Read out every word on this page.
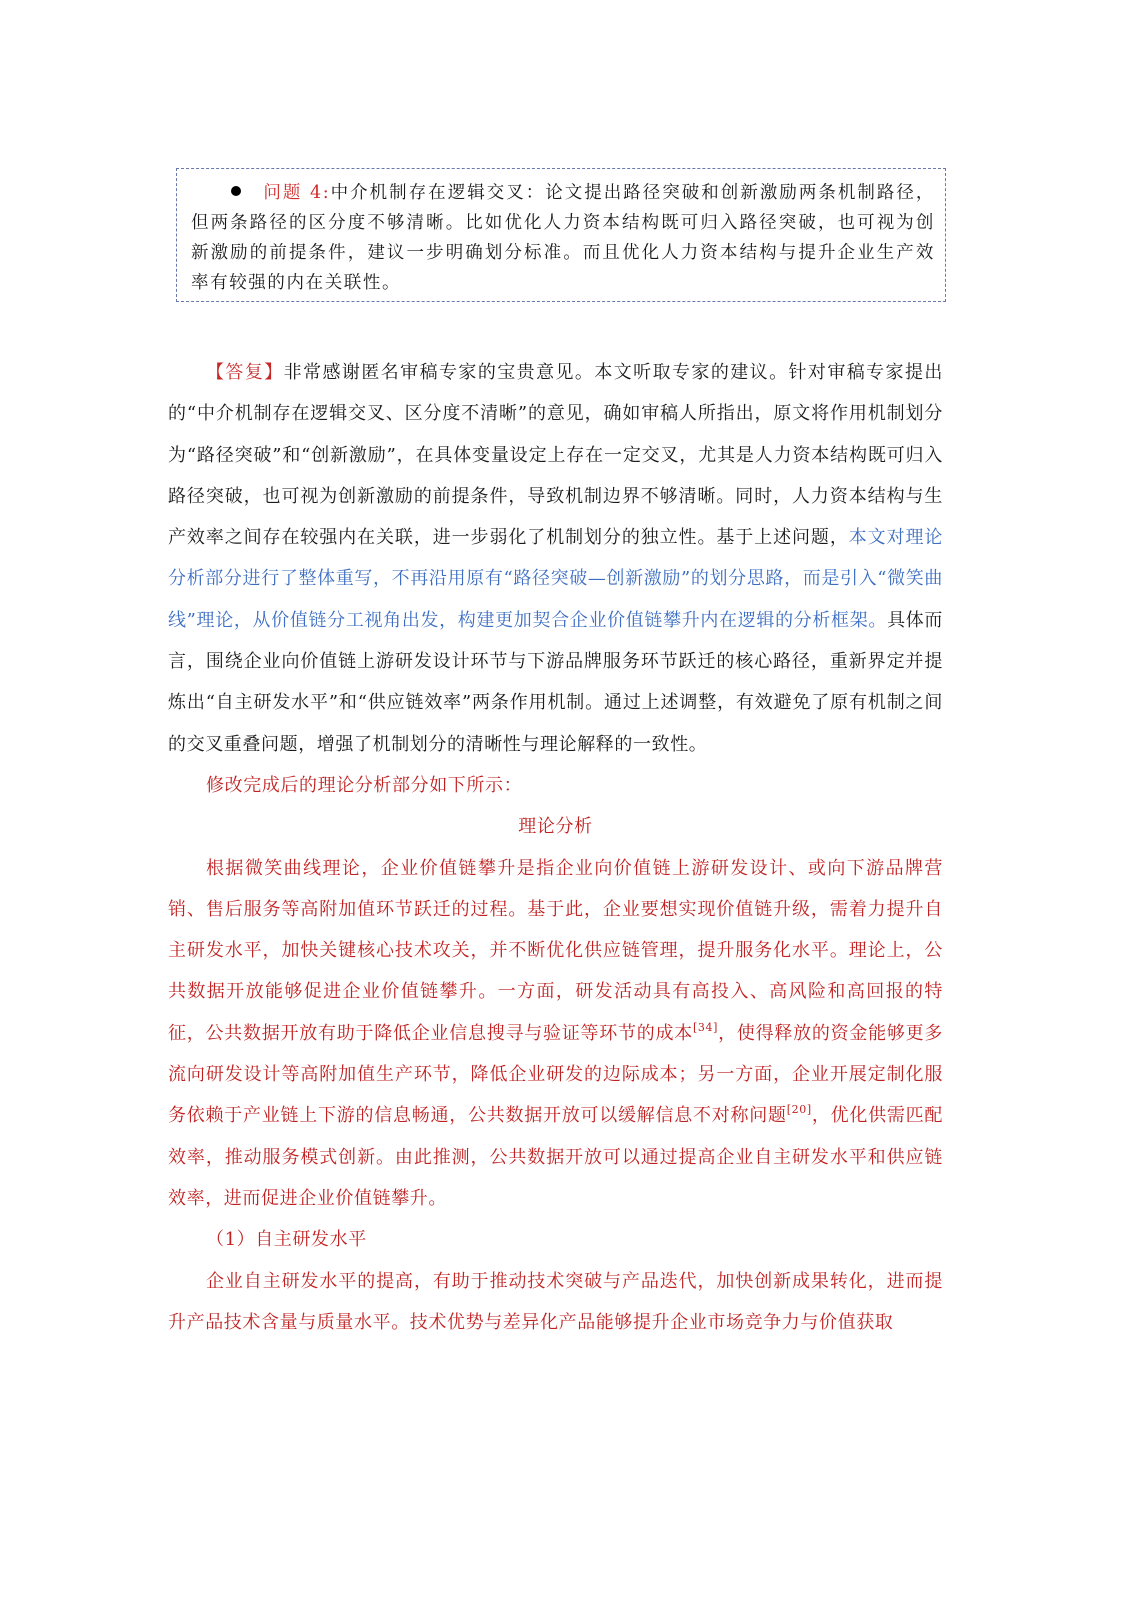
问题 4:中介机制存在逻辑交叉：论文提出路径突破和创新激励两条机制路径，但两条路径的区分度不够清晰。比如优化人力资本结构既可归入路径突破，也可视为创新激励的前提条件，建议一步明确划分标准。而且优化人力资本结构与提升企业生产效率有较强的内在关联性。

【答复】非常感谢匿名审稿专家的宝贵意见。本文听取专家的建议。针对审稿专家提出的“中介机制存在逻辑交叉、区分度不清晰”的意见，确如审稿人所指出，原文将作用机制划分为“路径突破”和“创新激励”，在具体变量设定上存在一定交叉，尤其是人力资本结构既可归入路径突破，也可视为创新激励的前提条件，导致机制边界不够清晰。同时，人力资本结构与生产效率之间存在较强内在关联，进一步弱化了机制划分的独立性。基于上述问题，本文对理论分析部分进行了整体重写，不再沿用原有“路径突破—创新激励”的划分思路，而是引入“微笑曲线”理论，从价值链分工视角出发，构建更加契合企业价值链攀升内在逻辑的分析框架。具体而言，围绕企业向价值链上游研发设计环节与下游品牌服务环节跃迁的核心路径，重新界定并提炼出“自主研发水平”和“供应链效率”两条作用机制。通过上述调整，有效避免了原有机制之间的交叉重叠问题，增强了机制划分的清晰性与理论解释的一致性。

修改完成后的理论分析部分如下所示：

理论分析

根据微笑曲线理论，企业价值链攀升是指企业向价值链上游研发设计、或向下游品牌营销、售后服务等高附加值环节跃迁的过程。基于此，企业要想实现价值链升级，需着力提升自主研发水平，加快关键核心技术攻关，并不断优化供应链管理，提升服务化水平。理论上，公共数据开放能够促进企业价值链攀升。一方面，研发活动具有高投入、高风险和高回报的特征，公共数据开放有助于降低企业信息搜寻与验证等环节的成本[34]，使得释放的资金能够更多流向研发设计等高附加值生产环节，降低企业研发的边际成本；另一方面，企业开展定制化服务依赖于产业链上下游的信息畅通，公共数据开放可以缓解信息不对称问题[20]，优化供需匹配效率，推动服务模式创新。由此推测，公共数据开放可以通过提高企业自主研发水平和供应链效率，进而促进企业价值链攀升。

（1）自主研发水平

企业自主研发水平的提高，有助于推动技术突破与产品迭代，加快创新成果转化，进而提升产品技术含量与质量水平。技术优势与差异化产品能够提升企业市场竞争力与价值获取
